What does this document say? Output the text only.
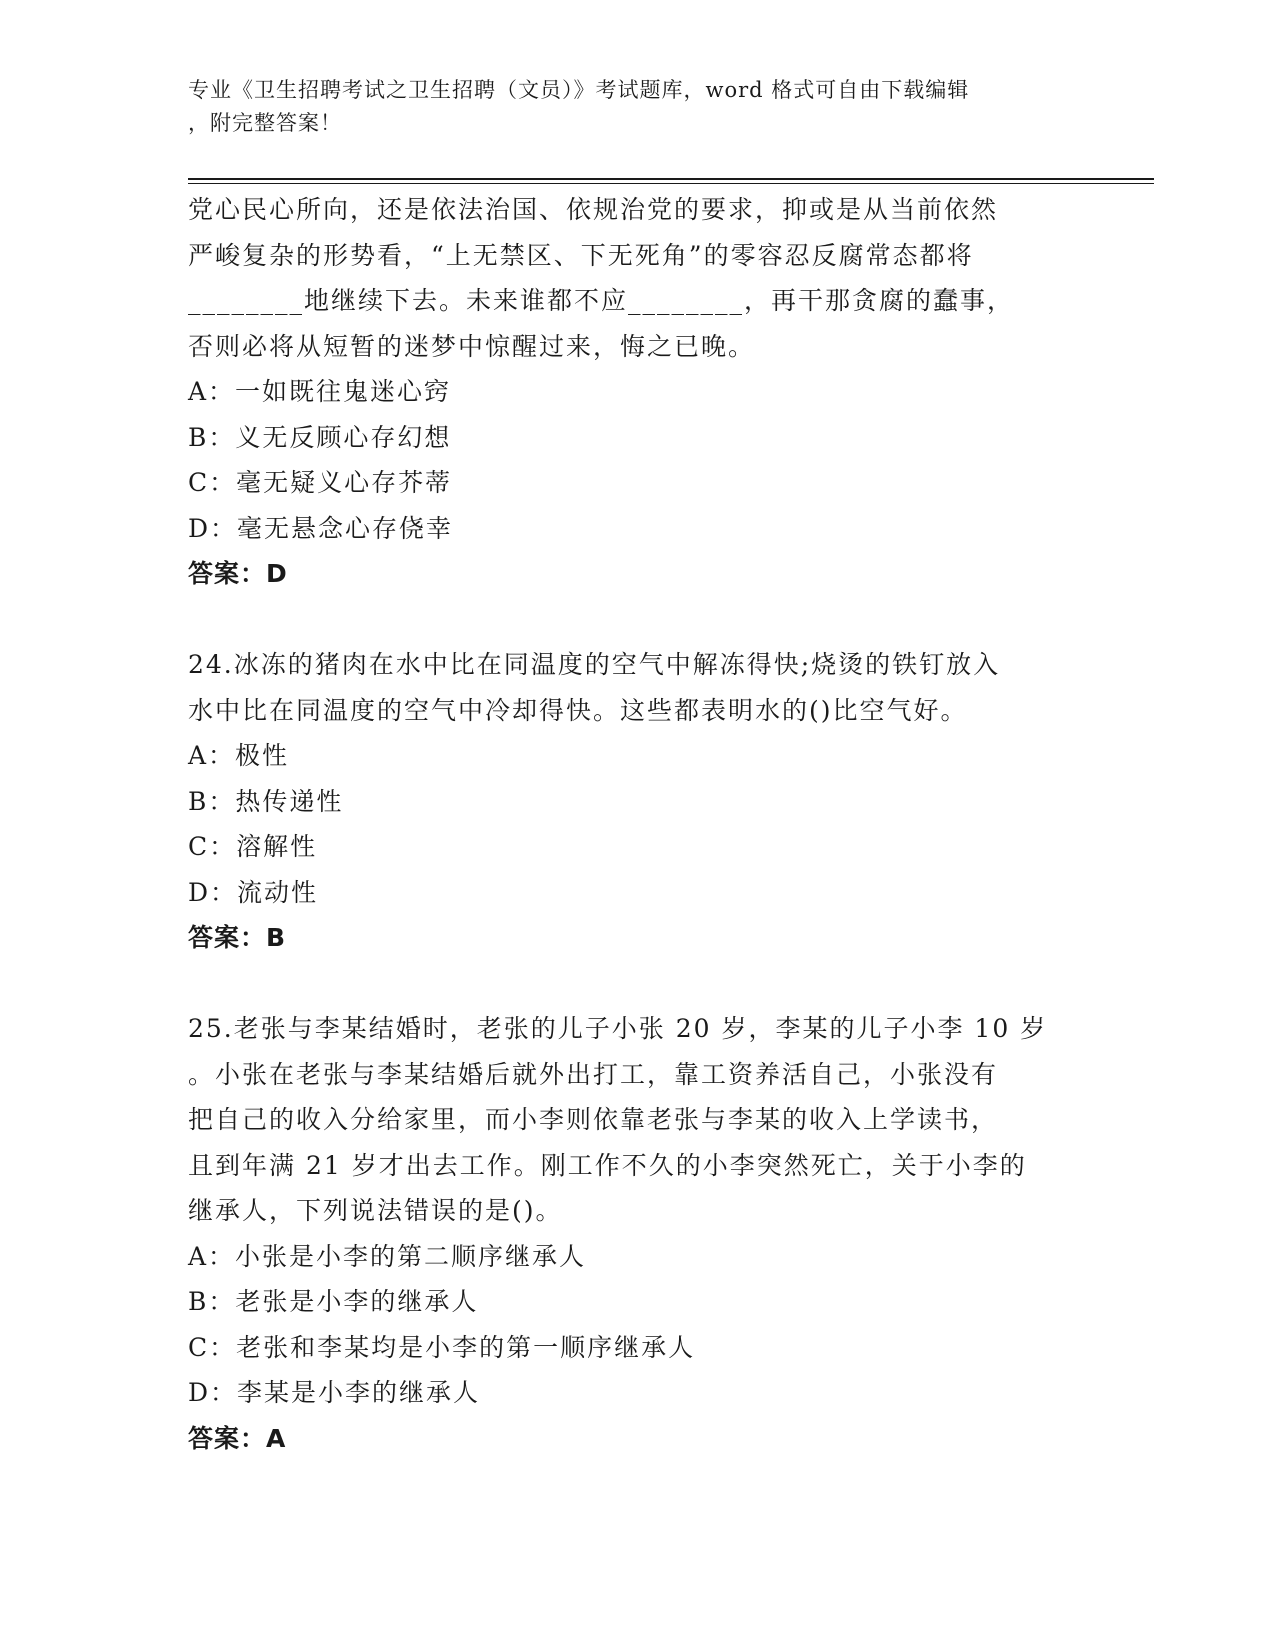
专业《卫生招聘考试之卫生招聘（文员）》考试题库，word 格式可自由下载编辑
，附完整答案！
党心民心所向，还是依法治国、依规治党的要求，抑或是从当前依然
严峻复杂的形势看，“上无禁区、下无死角”的零容忍反腐常态都将
________地继续下去。未来谁都不应________，再干那贪腐的蠢事，
否则必将从短暂的迷梦中惊醒过来，悔之已晚。
A：一如既往鬼迷心窍
B：义无反顾心存幻想
C：毫无疑义心存芥蒂
D：毫无悬念心存侥幸
答案：D
24.冰冻的猪肉在水中比在同温度的空气中解冻得快;烧烫的铁钉放入
水中比在同温度的空气中冷却得快。这些都表明水的()比空气好。
A：极性
B：热传递性
C：溶解性
D：流动性
答案：B
25.老张与李某结婚时，老张的儿子小张 20 岁，李某的儿子小李 10 岁
。小张在老张与李某结婚后就外出打工，靠工资养活自己，小张没有
把自己的收入分给家里，而小李则依靠老张与李某的收入上学读书，
且到年满 21 岁才出去工作。刚工作不久的小李突然死亡，关于小李的
继承人，下列说法错误的是()。
A：小张是小李的第二顺序继承人
B：老张是小李的继承人
C：老张和李某均是小李的第一顺序继承人
D：李某是小李的继承人
答案：A
